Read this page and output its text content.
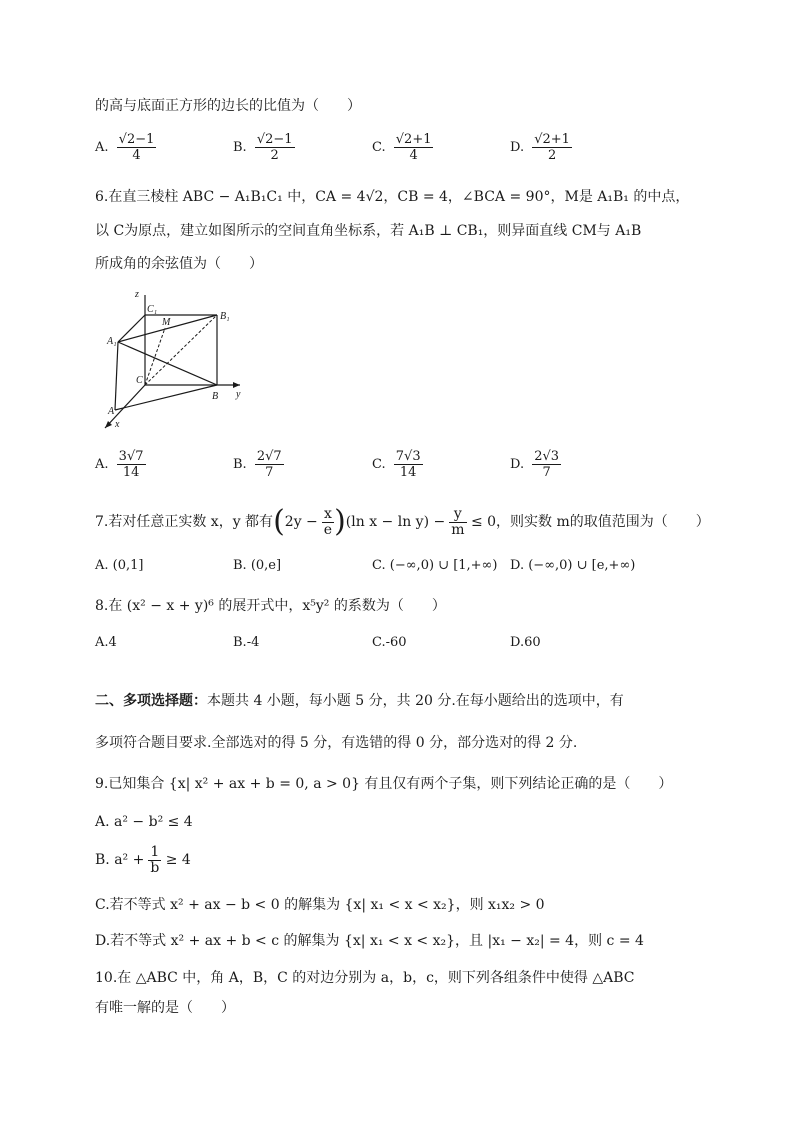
的高与底面正方形的边长的比值为（　　）
A. $\frac{√2-1}{4}$	B. $\frac{√2-1}{2}$	C. $\frac{√2+1}{4}$	D. $\frac{√2+1}{2}$
6.在直三棱柱 ABC − A₁B₁C₁ 中，CA = 4√2，CB = 4，∠BCA = 90°，M是 A₁B₁ 的中点，
以 C为原点，建立如图所示的空间直角坐标系，若 A₁B ⊥ CB₁，则异面直线 CM与 A₁B
所成角的余弦值为（　　）
z
C₁
M
B₁
A₁
C
B y
A
x
A. $\frac{3√7}{14}$	B. $\frac{2√7}{7}$	C. $\frac{7√3}{14}$	D. $\frac{2√3}{7}$
7.若对任意正实数 x，y 都有$(2y - \frac{x}{e} )(\ln$ $x - \ln y) - \frac{y}{m} \le 0$，则实数 m的取值范围为（　　）
A. (0,1]	B. (0,e]	C. (−∞,0) ∪ [1,+∞) D. (−∞,0) ∪ [e,+∞)
8.在 (x² − x + y)⁶ 的展开式中，x⁵y² 的系数为（　　）
A.4	B.-4	C.-60	D.60
二、多项选择题：本题共 4 小题，每小题 5 分，共 20 分.在每小题给出的选项中，有
多项符合题目要求.全部选对的得 5 分，有选错的得 0 分，部分选对的得 2 分.
9.已知集合 {x| x² + ax + b = 0, a > 0} 有且仅有两个子集，则下列结论正确的是（　　）
A. a² − b² ≤ 4
B. $a^2 + \frac{1}{b} \ge 4$
C.若不等式 x² + ax − b < 0 的解集为 {x| x₁ < x < x₂}，则 x₁x₂ > 0
D.若不等式 x² + ax + b < c 的解集为 {x| x₁ < x < x₂}，且 |x₁ − x₂| = 4，则 c = 4
10.在 △ABC 中，角 A，B，C 的对边分别为 a，b，c，则下列各组条件中使得 △ABC
有唯一解的是（　　）
